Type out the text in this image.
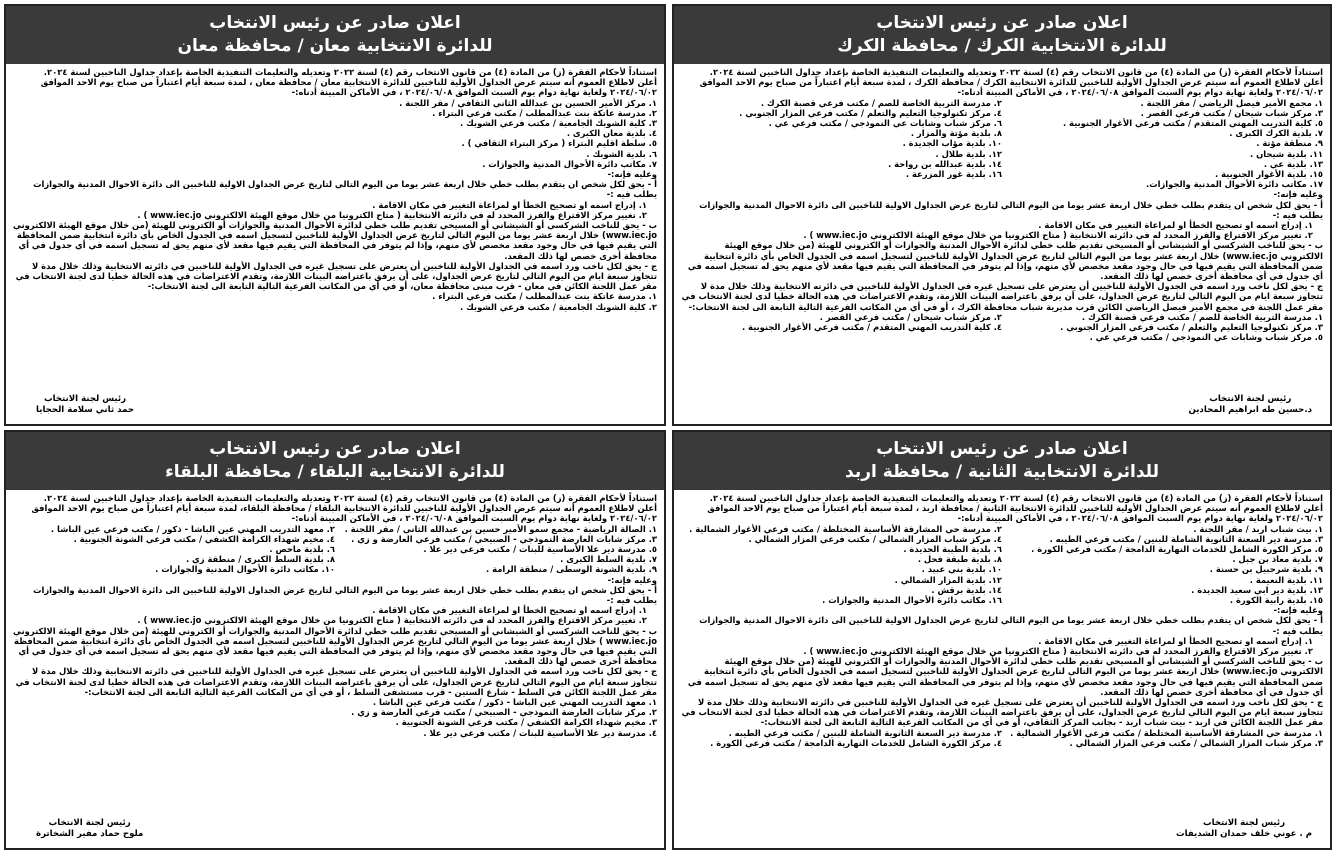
اعلان صادر عن رئيس الانتخاب
للدائرة الانتخابية الكرك / محافظة الكرك

استناداً لأحكام الفقرة (ز) من المادة (٤) من قانون الانتخاب رقم (٤) لسنة ٢٠٢٢ وتعديله والتعليمات التنفيذية الخاصة بإعداد جداول الناخبين لسنة ٢٠٢٤.

أعلن لاطلاع العموم أنه سيتم عرض الجداول الأولية للناخبين للدائرة الانتخابية الكرك / محافظة الكرك ، لمدة سبعة أيام اعتباراً من صباح يوم الاحد الموافق ٢٠٢٤/٠٦/٠٢ ولغاية نهاية دوام يوم السبت الموافق ٢٠٢٤/٠٦/٠٨ ، في الأماكن المبينة أدناه:-

١. مجمع الأمير فيصل الرياضي / مقر اللجنة .

٣. مركز شباب شيحان / مكتب فرعي القصر .

٥. كلية التدريب المهني المتقدم / مكتب فرعي الأغوار الجنوبية .

٧. بلدية الكرك الكبرى .

٩. منطقة مؤتة .

١١. بلدية شيحان .

١٣. بلدية عي .

١٥. بلدية الأغوار الجنوبية .

١٧. مكاتب دائرة الأحوال المدنية والجوازات.

٢. مدرسة التربية الخاصة للصم / مكتب فرعي قصبة الكرك .

٤. مركز تكنولوجيا التعليم والتعلم / مكتب فرعي المزار الجنوبي .

٦. مركز شباب وشابات عي النموذجي / مكتب فرعي عي .

٨. بلدية مؤتة والمزار .

١٠. بلدية مؤاب الجديدة .

١٢. بلدية طلال .

١٤. بلدية عبدالله بن رواحة .

١٦. بلدية غور المزرعة .

وعليه فإنه:-

أ - يحق لكل شخص ان يتقدم بطلب خطي خلال اربعة عشر يوما من اليوم التالي لتاريخ عرض الجداول الاولية للناخبين الى دائرة الاحوال المدنية والجوازات يطلب فيه :-

١. إدراج اسمه او تصحيح الخطأ او لمراعاة التغيير في مكان الاقامة .

٢. تغيير مركز الاقتراع والفرز المحدد له في دائرته الانتخابية ( متاح الكترونيا من خلال موقع الهيئة الالكتروني www.iec.jo ) .

ب - يحق للناخب الشركسي أو الشيشاني أو المسيحي تقديم طلب خطي لدائرة الأحوال المدنية والجوازات أو الكتروني للهيئة (من خلال موقع الهيئة الالكتروني www.iec.jo) خلال اربعة عشر يوما من اليوم التالي لتاريخ عرض الجداول الأولية للناخبين لتسجيل اسمه في الجدول الخاص بأي دائرة انتخابية ضمن المحافظة التي يقيم فيها في حال وجود مقعد مخصص لأي منهم، وإذا لم يتوفر في المحافظة التي يقيم فيها مقعد لأي منهم يحق له تسجيل اسمه في أي جدول في أي محافظة أخرى خصص لها ذلك المقعد.

ج - يحق لكل ناخب ورد اسمه في الجدول الأولية للناخبين أن يعترض على تسجيل غيره في الجداول الأولية للناخبين في دائرته الانتخابية وذلك خلال مدة لا تتجاوز سبعة ايام من اليوم التالي لتاريخ عرض الجداول، على أن يرفق باعتراضه البينات اللازمة، وتقدم الاعتراضات في هذه الحالة خطيا لدى لجنة الانتخاب في مقر عمل اللجنة في مجمع الأمير فيصل الرياضي الكائن قرب مديرية شباب محافظة الكرك ، أو في أي من المكاتب الفرعية التالية التابعة الى لجنة الانتخاب:-

١. مدرسة التربية الخاصة للصم / مكتب فرعي قصبة الكرك .

٣. مركز تكنولوجيا التعليم والتعلم / مكتب فرعي المزار الجنوبي .

٥. مركز شباب وشابات عي النموذجي / مكتب فرعي عي .

٢. مركز شباب شيحان / مكتب فرعي القصر .

٤. كلية التدريب المهني المتقدم / مكتب فرعي الأغوار الجنوبية .

رئيس لجنة الانتخاب
د.حسين طه ابراهيم المحادين
اعلان صادر عن رئيس الانتخاب
للدائرة الانتخابية معان / محافظة معان

استناداً لأحكام الفقرة (ز) من المادة (٤) من قانون الانتخاب رقم (٤) لسنة ٢٠٢٢ وتعديله والتعليمات التنفيذية الخاصة بإعداد جداول الناخبين لسنة ٢٠٢٤.

أعلن لاطلاع العموم أنه سيتم عرض الجداول الأولية للناخبين للدائرة الانتخابية معان / محافظة معان ، لمدة سبعة أيام اعتباراً من صباح يوم الاحد الموافق ٢٠٢٤/٠٦/٠٢ ولغاية نهاية دوام يوم السبت الموافق ٢٠٢٤/٠٦/٠٨ ، في الأماكن المبينة أدناه:-

١. مركز الأمير الحسين بن عبدالله الثاني الثقافي / مقر اللجنة .

٢. مدرسة عاتكة بنت عبدالمطلب / مكتب فرعي البتراء .

٣. كلية الشوبك الجامعية / مكتب فرعي الشوبك .

٤. بلدية معان الكبرى .

٥. سلطة اقليم البتراء ( مركز البتراء الثقافي ) .

٦. بلدية الشوبك .

٧. مكاتب دائرة الأحوال المدنية والجوازات .

وعليه فإنه:-

أ - يحق لكل شخص ان يتقدم بطلب خطي خلال اربعة عشر يوما من اليوم التالي لتاريخ عرض الجداول الاولية للناخبين الى دائرة الاحوال المدنية والجوازات يطلب فيه :-

١. إدراج اسمه او تصحيح الخطأ او لمراعاة التغيير في مكان الاقامة .

٢. تغيير مركز الاقتراع والفرز المحدد له في دائرته الانتخابية ( متاح الكترونيا من خلال موقع الهيئة الالكتروني www.iec.jo ) .

ب - يحق للناخب الشركسي أو الشيشاني أو المسيحي تقديم طلب خطي لدائرة الأحوال المدنية والجوازات أو الكتروني للهيئة (من خلال موقع الهيئة الالكتروني www.iec.jo) خلال اربعة عشر يوما من اليوم التالي لتاريخ عرض الجداول الأولية للناخبين لتسجيل اسمه في الجدول الخاص بأي دائرة انتخابية ضمن المحافظة التي يقيم فيها في حال وجود مقعد مخصص لأي منهم، وإذا لم يتوفر في المحافظة التي يقيم فيها مقعد لأي منهم يحق له تسجيل اسمه في أي جدول في أي محافظة أخرى خصص لها ذلك المقعد.

ج - يحق لكل ناخب ورد اسمه في الجداول الأولية للناخبين أن يعترض على تسجيل غيره في الجداول الأولية للناخبين في دائرته الانتخابية وذلك خلال مدة لا تتجاوز سبعة ايام من اليوم التالي لتاريخ عرض الجداول، على أن يرفق باعتراضه البينات اللازمة، وتقدم الاعتراضات في هذه الحالة خطيا لدى لجنة الانتخاب في مقر عمل اللجنة الكائن في معان - قرب مبنى محافظة معان، أو في أي من المكاتب الفرعية التالية التابعة الى لجنة الانتخاب:-

١. مدرسة عاتكة بنت عبدالمطلب / مكتب فرعي البتراء .

٢. كلية الشوبك الجامعية / مكتب فرعي الشوبك .

رئيس لجنة الانتخاب
حمد ثاني سلامة الحجايا
اعلان صادر عن رئيس الانتخاب
للدائرة الانتخابية الثانية / محافظة اربد

استناداً لأحكام الفقرة (ز) من المادة (٤) من قانون الانتخاب رقم (٤) لسنة ٢٠٢٢ وتعديله والتعليمات التنفيذية الخاصة بإعداد جداول الناخبين لسنة ٢٠٢٤.

أعلن لاطلاع العموم أنه سيتم عرض الجداول الأولية للناخبين للدائرة الانتخابية الثانية / محافظة اربد ، لمدة سبعة أيام اعتباراً من صباح يوم الاحد الموافق ٢٠٢٤/٠٦/٠٢ ولغاية نهاية دوام يوم السبت الموافق ٢٠٢٤/٠٦/٠٨ ، في الأماكن المبينة أدناه:-

١. بيت شباب اربد / مقر اللجنة .

٣. مدرسة دير السعنة الثانوية الشاملة للبنين / مكتب فرعي الطيبه .

٥. مركز الكورة الشامل للخدمات النهارية الدامجة / مكتب فرعي الكورة .

٧. بلدية معاذ بن جبل .

٩. بلدية شرحبيل بن حسنة .

١١. بلدية النعيمة .

١٣. بلدية دير ابي سعيد الجديدة .

١٥. بلدية رابية الكورة .

٢. مدرسة حي المشارقة الأساسية المختلطة / مكتب فرعي الأغوار الشمالية .

٤. مركز شباب المزار الشمالي / مكتب فرعي المزار الشمالي .

٦. بلدية الطيبة الجديدة .

٨. بلدية طبقة فحل .

١٠. بلدية بني عبيد .

١٢. بلدية المزار الشمالي .

١٤. بلدية برقش .

١٦. مكاتب دائرة الأحوال المدنية والجوازات .

وعليه فإنه:-

أ - يحق لكل شخص ان يتقدم بطلب خطي خلال اربعة عشر يوما من اليوم التالي لتاريخ عرض الجداول الاولية للناخبين الى دائرة الاحوال المدنية والجوازات يطلب فيه :-

١. إدراج اسمه او تصحيح الخطأ او لمراعاة التغيير في مكان الاقامة .

٢. تغيير مركز الاقتراع والفرز المحدد له في دائرته الانتخابية ( متاح الكترونيا من خلال موقع الهيئة الالكتروني www.iec.jo ) .

ب - يحق للناخب الشركسي أو الشيشاني أو المسيحي تقديم طلب خطي لدائرة الأحوال المدنية والجوازات أو الكتروني للهيئة (من خلال موقع الهيئة الالكتروني www.iec.jo) خلال اربعة عشر يوما من اليوم التالي لتاريخ عرض الجداول الأولية للناخبين لتسجيل اسمه في الجدول الخاص بأي دائرة انتخابية ضمن المحافظة التي يقيم فيها في حال وجود مقعد مخصص لأي منهم، وإذا لم يتوفر في المحافظة التي يقيم فيها مقعد لأي منهم يحق له تسجيل اسمه في أي جدول في أي محافظة أخرى خصص لها ذلك المقعد.

ج - يحق لكل ناخب ورد اسمه في الجداول الأولية للناخبين أن يعترض على تسجيل غيره في الجداول الأولية للناخبين في دائرته الانتخابية وذلك خلال مدة لا تتجاوز سبعة ايام من اليوم التالي لتاريخ عرض الجداول، على أن يرفق باعتراضه البينات اللازمة، وتقدم الاعتراضات في هذه الحالة خطيا لدى لجنة الانتخاب في مقر عمل اللجنة الكائن في اربد - بيت شباب اربد - بجانب المركز الثقافي، أو في أي من المكاتب الفرعية التالية التابعة الى لجنة الانتخاب:-

١. مدرسة حي المشارقة الأساسية المختلطة / مكتب فرعي الأغوار الشمالية .

٣. مركز شباب المزار الشمالي / مكتب فرعي المزار الشمالي .

٢. مدرسة دير السعنة الثانوية الشاملة للبنين / مكتب فرعي الطيبه .

٤. مركز الكورة الشامل للخدمات النهارية الدامجة / مكتب فرعي الكورة .

رئيس لجنة الانتخاب
م . عوني خلف حمدان الشديفات
اعلان صادر عن رئيس الانتخاب
للدائرة الانتخابية البلقاء / محافظة البلقاء

استناداً لأحكام الفقرة (ز) من المادة (٤) من قانون الانتخاب رقم (٤) لسنة ٢٠٢٢ وتعديله والتعليمات التنفيذية الخاصة بإعداد جداول الناخبين لسنة ٢٠٢٤.

أعلن لاطلاع العموم أنه سيتم عرض الجداول الأولية للناخبين للدائرة الانتخابية البلقاء / محافظة البلقاء، لمدة سبعة أيام اعتباراً من صباح يوم الاحد الموافق ٢٠٢٤/٠٦/٠٢ ولغاية نهاية دوام يوم السبت الموافق ٢٠٢٤/٠٦/٠٨ ، في الأماكن المبينة أدناه:-

١. الصالة الرياضية - مجمع سمو الأمير حسين بن عبدالله الثاني / مقر اللجنة .

٣. مركز شابات العارضة النموذجي - الصبيحي / مكتب فرعي العارضة و زي .

٥. مدرسة دير علا الأساسية للبنات / مكتب فرعي دير علا .

٧. بلدية السلط الكبرى .

٩. بلدية الشونة الوسطى / منطقة الرامة .

٢. معهد التدريب المهني عين الباشا - ذكور / مكتب فرعي عين الباشا .

٤. مخيم شهداء الكرامة الكشفي / مكتب فرعي الشونة الجنوبية .

٦. بلدية ماحص .

٨. بلدية السلط الكبرى / منطقة زي .

١٠. مكاتب دائرة الأحوال المدنية والجوازات .

وعليه فإنه:-

أ - يحق لكل شخص ان يتقدم بطلب خطي خلال اربعة عشر يوما من اليوم التالي لتاريخ عرض الجداول الاولية للناخبين الى دائرة الاحوال المدنية والجوازات يطلب فيه :-

١. إدراج اسمه او تصحيح الخطأ او لمراعاة التغيير في مكان الاقامة .

٢. تغيير مركز الاقتراع والفرز المحدد له في دائرته الانتخابية ( متاح الكترونيا من خلال موقع الهيئة الالكتروني www.iec.jo ) .

ب - يحق للناخب الشركسي أو الشيشاني أو المسيحي تقديم طلب خطي لدائرة الأحوال المدنية والجوازات أو الكتروني للهيئة (من خلال موقع الهيئة الالكتروني www.iec.jo ) خلال اربعة عشر يوما من اليوم التالي لتاريخ عرض الجداول الأولية للناخبين لتسجيل اسمه في الجدول الخاص بأي دائرة انتخابية ضمن المحافظة التي يقيم فيها في حال وجود مقعد مخصص لأي منهم، وإذا لم يتوفر في المحافظة التي يقيم فيها مقعد لأي منهم يحق له تسجيل اسمه في أي جدول في أي محافظة أخرى خصص لها ذلك المقعد.

ج - يحق لكل ناخب ورد اسمه في الجداول الأولية للناخبين أن يعترض على تسجيل غيره في الجداول الأولية للناخبين في دائرته الانتخابية وذلك خلال مدة لا تتجاوز سبعة ايام من اليوم التالي لتاريخ عرض الجداول، على أن يرفق باعتراضه البينات اللازمة، وتقدم الاعتراضات في هذه الحالة خطيا لدى لجنة الانتخاب في مقر عمل اللجنة الكائن في السلط - شارع الستين - قرب مستشفى السلط ، أو في أي من المكاتب الفرعية التالية التابعة الى لجنة الانتخاب:-

١. معهد التدريب المهني عين الباشا - ذكور / مكتب فرعي عين الباشا .

٢. مركز شابات العارضة النموذجي - الصبيحي / مكتب فرعي العارضة و زي .

٣. مخيم شهداء الكرامة الكشفي / مكتب فرعي الشونة الجنوبية .

٤. مدرسة دير علا الأساسية للبنات / مكتب فرعي دير علا .

رئيس لجنة الانتخاب
ملوح حماد مفير الشخاترة
